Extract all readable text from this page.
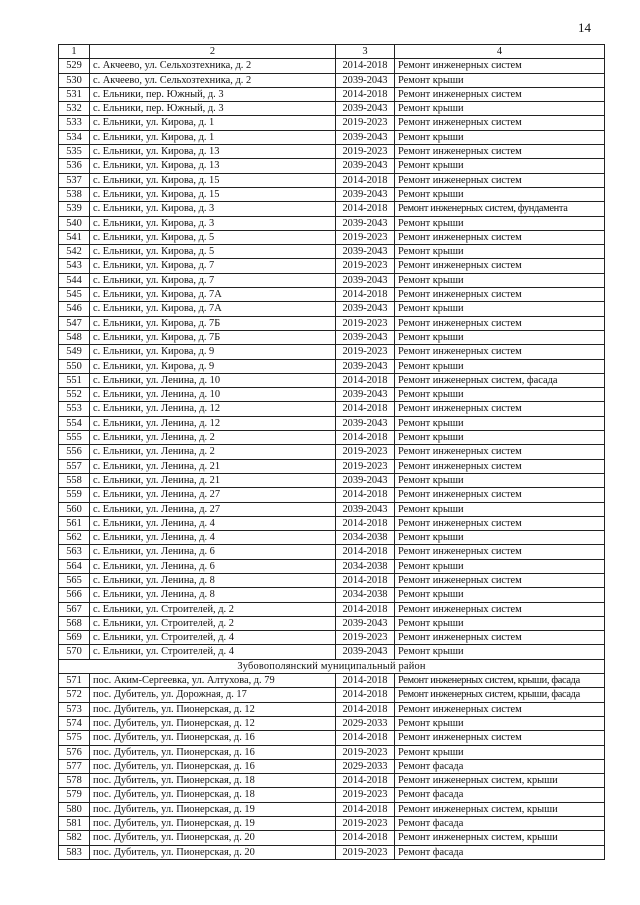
14
1	2	3	4
529	с. Акчеево, ул. Сельхозтехника, д. 2	2014-2018	Ремонт инженерных систем
530	с. Акчеево, ул. Сельхозтехника, д. 2	2039-2043	Ремонт крыши
531	с. Ельники, пер. Южный, д. 3	2014-2018	Ремонт инженерных систем
532	с. Ельники, пер. Южный, д. 3	2039-2043	Ремонт крыши
533	с. Ельники, ул. Кирова, д. 1	2019-2023	Ремонт инженерных систем
534	с. Ельники, ул. Кирова, д. 1	2039-2043	Ремонт крыши
535	с. Ельники, ул. Кирова, д. 13	2019-2023	Ремонт инженерных систем
536	с. Ельники, ул. Кирова, д. 13	2039-2043	Ремонт крыши
537	с. Ельники, ул. Кирова, д. 15	2014-2018	Ремонт инженерных систем
538	с. Ельники, ул. Кирова, д. 15	2039-2043	Ремонт крыши
539	с. Ельники, ул. Кирова, д. 3	2014-2018	Ремонт инженерных систем, фундамента
540	с. Ельники, ул. Кирова, д. 3	2039-2043	Ремонт крыши
541	с. Ельники, ул. Кирова, д. 5	2019-2023	Ремонт инженерных систем
542	с. Ельники, ул. Кирова, д. 5	2039-2043	Ремонт крыши
543	с. Ельники, ул. Кирова, д. 7	2019-2023	Ремонт инженерных систем
544	с. Ельники, ул. Кирова, д. 7	2039-2043	Ремонт крыши
545	с. Ельники, ул. Кирова, д. 7А	2014-2018	Ремонт инженерных систем
546	с. Ельники, ул. Кирова, д. 7А	2039-2043	Ремонт крыши
547	с. Ельники, ул. Кирова, д. 7Б	2019-2023	Ремонт инженерных систем
548	с. Ельники, ул. Кирова, д. 7Б	2039-2043	Ремонт крыши
549	с. Ельники, ул. Кирова, д. 9	2019-2023	Ремонт инженерных систем
550	с. Ельники, ул. Кирова, д. 9	2039-2043	Ремонт крыши
551	с. Ельники, ул. Ленина, д. 10	2014-2018	Ремонт инженерных систем, фасада
552	с. Ельники, ул. Ленина, д. 10	2039-2043	Ремонт крыши
553	с. Ельники, ул. Ленина, д. 12	2014-2018	Ремонт инженерных систем
554	с. Ельники, ул. Ленина, д. 12	2039-2043	Ремонт крыши
555	с. Ельники, ул. Ленина, д. 2	2014-2018	Ремонт крыши
556	с. Ельники, ул. Ленина, д. 2	2019-2023	Ремонт инженерных систем
557	с. Ельники, ул. Ленина, д. 21	2019-2023	Ремонт инженерных систем
558	с. Ельники, ул. Ленина, д. 21	2039-2043	Ремонт крыши
559	с. Ельники, ул. Ленина, д. 27	2014-2018	Ремонт инженерных систем
560	с. Ельники, ул. Ленина, д. 27	2039-2043	Ремонт крыши
561	с. Ельники, ул. Ленина, д. 4	2014-2018	Ремонт инженерных систем
562	с. Ельники, ул. Ленина, д. 4	2034-2038	Ремонт крыши
563	с. Ельники, ул. Ленина, д. 6	2014-2018	Ремонт инженерных систем
564	с. Ельники, ул. Ленина, д. 6	2034-2038	Ремонт крыши
565	с. Ельники, ул. Ленина, д. 8	2014-2018	Ремонт инженерных систем
566	с. Ельники, ул. Ленина, д. 8	2034-2038	Ремонт крыши
567	с. Ельники, ул. Строителей, д. 2	2014-2018	Ремонт инженерных систем
568	с. Ельники, ул. Строителей, д. 2	2039-2043	Ремонт крыши
569	с. Ельники, ул. Строителей, д. 4	2019-2023	Ремонт инженерных систем
570	с. Ельники, ул. Строителей, д. 4	2039-2043	Ремонт крыши
Зубовополянский муниципальный район			
571	пос. Аким-Сергеевка, ул. Алтухова, д. 79	2014-2018	Ремонт инженерных систем, крыши, фасада
572	пос. Дубитель, ул. Дорожная, д. 17	2014-2018	Ремонт инженерных систем, крыши, фасада
573	пос. Дубитель, ул. Пионерская, д. 12	2014-2018	Ремонт инженерных систем
574	пос. Дубитель, ул. Пионерская, д. 12	2029-2033	Ремонт крыши
575	пос. Дубитель, ул. Пионерская, д. 16	2014-2018	Ремонт инженерных систем
576	пос. Дубитель, ул. Пионерская, д. 16	2019-2023	Ремонт крыши
577	пос. Дубитель, ул. Пионерская, д. 16	2029-2033	Ремонт фасада
578	пос. Дубитель, ул. Пионерская, д. 18	2014-2018	Ремонт инженерных систем, крыши
579	пос. Дубитель, ул. Пионерская, д. 18	2019-2023	Ремонт фасада
580	пос. Дубитель, ул. Пионерская, д. 19	2014-2018	Ремонт инженерных систем, крыши
581	пос. Дубитель, ул. Пионерская, д. 19	2019-2023	Ремонт фасада
582	пос. Дубитель, ул. Пионерская, д. 20	2014-2018	Ремонт инженерных систем, крыши
583	пос. Дубитель, ул. Пионерская, д. 20	2019-2023	Ремонт фасада
